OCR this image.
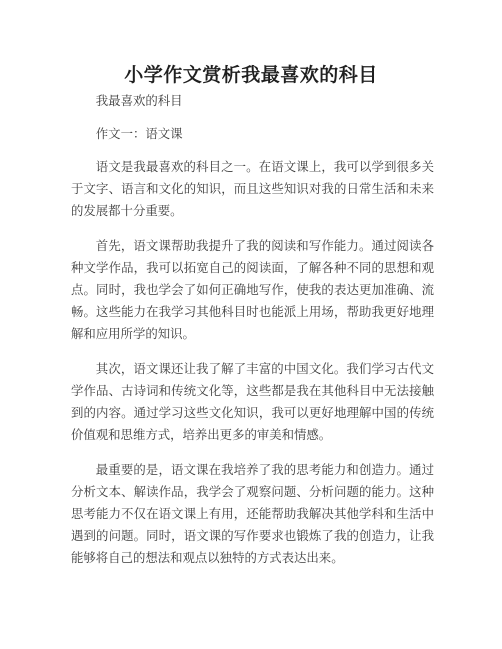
小学作文赏析我最喜欢的科目

我最喜欢的科目

作文一：语文课

语文是我最喜欢的科目之一。在语文课上，我可以学到很多关于文字、语言和文化的知识，而且这些知识对我的日常生活和未来的发展都十分重要。

首先，语文课帮助我提升了我的阅读和写作能力。通过阅读各种文学作品，我可以拓宽自己的阅读面，了解各种不同的思想和观点。同时，我也学会了如何正确地写作，使我的表达更加准确、流畅。这些能力在我学习其他科目时也能派上用场，帮助我更好地理解和应用所学的知识。

其次，语文课还让我了解了丰富的中国文化。我们学习古代文学作品、古诗词和传统文化等，这些都是我在其他科目中无法接触到的内容。通过学习这些文化知识，我可以更好地理解中国的传统价值观和思维方式，培养出更多的审美和情感。

最重要的是，语文课在我培养了我的思考能力和创造力。通过分析文本、解读作品，我学会了观察问题、分析问题的能力。这种思考能力不仅在语文课上有用，还能帮助我解决其他学科和生活中遇到的问题。同时，语文课的写作要求也锻炼了我的创造力，让我能够将自己的想法和观点以独特的方式表达出来。
